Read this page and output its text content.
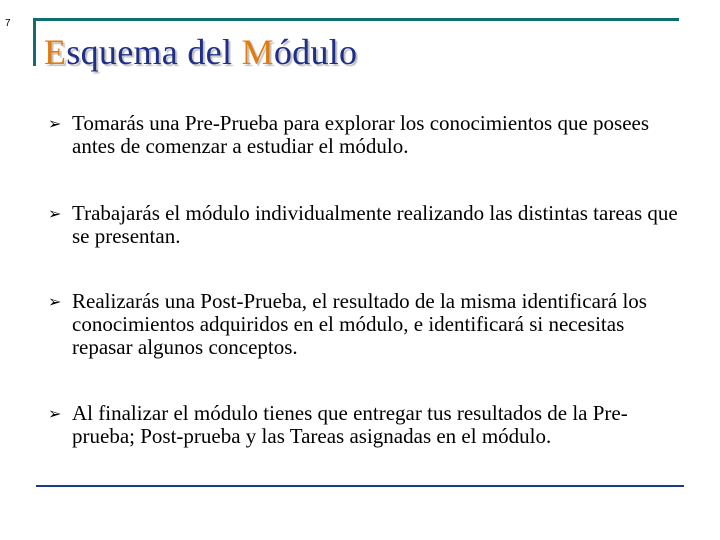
7
Esquema del Módulo
➢ Tomarás una Pre-Prueba para explorar los conocimientos que posees antes de comenzar a estudiar el módulo.
➢ Trabajarás el módulo individualmente realizando las distintas tareas que se presentan.
➢ Realizarás una Post-Prueba, el resultado de la misma identificará los conocimientos adquiridos en el módulo, e identificará si necesitas repasar algunos conceptos.
➢ Al finalizar el módulo tienes que entregar tus resultados de la Pre-prueba; Post-prueba y las Tareas asignadas en el módulo.
